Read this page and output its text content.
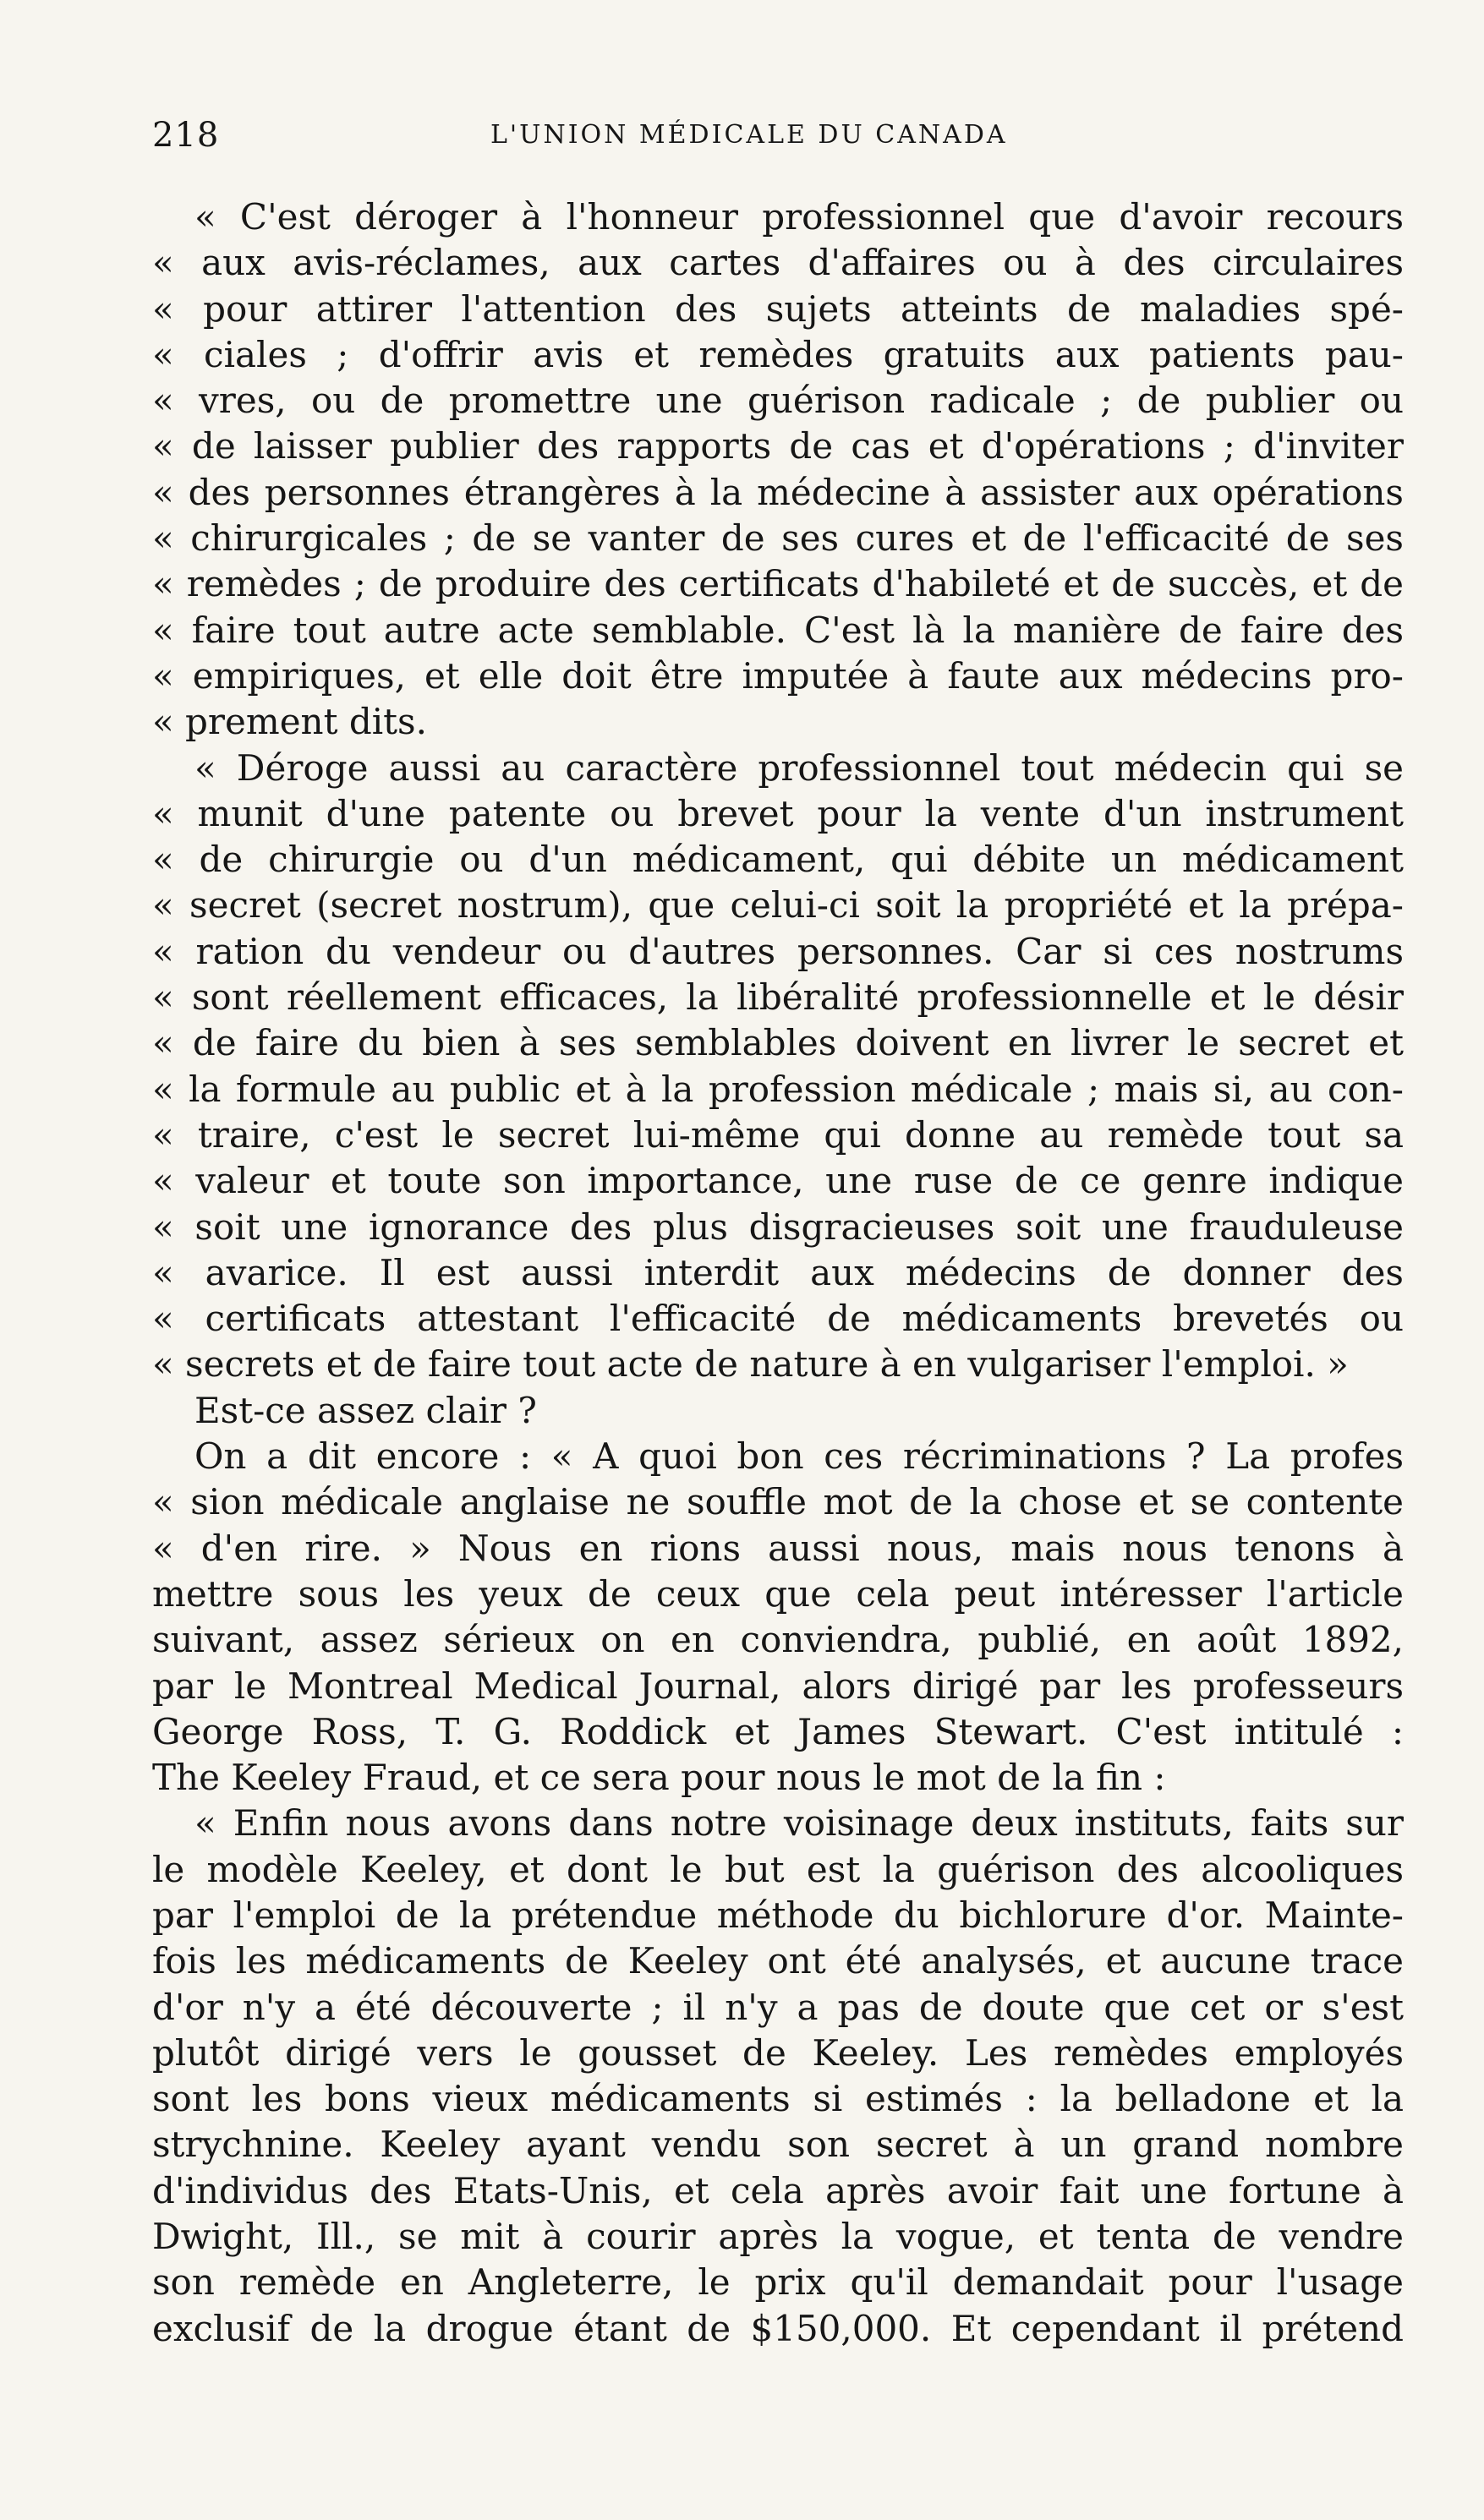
218	L'UNION MÉDICALE DU CANADA
« C'est déroger à l'honneur professionnel que d'avoir recours
« aux avis-réclames, aux cartes d'affaires ou à des circulaires
« pour attirer l'attention des sujets atteints de maladies spé-
« ciales ; d'offrir avis et remèdes gratuits aux patients pau-
« vres, ou de promettre une guérison radicale ; de publier ou
« de laisser publier des rapports de cas et d'opérations ; d'inviter
« des personnes étrangères à la médecine à assister aux opérations
« chirurgicales ; de se vanter de ses cures et de l'efficacité de ses
« remèdes ; de produire des certificats d'habileté et de succès, et de
« faire tout autre acte semblable. C'est là la manière de faire des
« empiriques, et elle doit être imputée à faute aux médecins pro-
« prement dits.
« Déroge aussi au caractère professionnel tout médecin qui se
« munit d'une patente ou brevet pour la vente d'un instrument
« de chirurgie ou d'un médicament, qui débite un médicament
« secret (secret nostrum), que celui-ci soit la propriété et la prépa-
« ration du vendeur ou d'autres personnes. Car si ces nostrums
« sont réellement efficaces, la libéralité professionnelle et le désir
« de faire du bien à ses semblables doivent en livrer le secret et
« la formule au public et à la profession médicale ; mais si, au con-
« traire, c'est le secret lui-même qui donne au remède tout sa
« valeur et toute son importance, une ruse de ce genre indique
« soit une ignorance des plus disgracieuses soit une frauduleuse
« avarice. Il est aussi interdit aux médecins de donner des
« certificats attestant l'efficacité de médicaments brevetés ou
« secrets et de faire tout acte de nature à en vulgariser l'emploi. »
Est-ce assez clair ?
On a dit encore : « A quoi bon ces récriminations ? La profes
« sion médicale anglaise ne souffle mot de la chose et se contente
« d'en rire. » Nous en rions aussi nous, mais nous tenons à
mettre sous les yeux de ceux que cela peut intéresser l'article
suivant, assez sérieux on en conviendra, publié, en août 1892,
par le Montreal Medical Journal, alors dirigé par les professeurs
George Ross, T. G. Roddick et James Stewart. C'est intitulé :
The Keeley Fraud, et ce sera pour nous le mot de la fin :
« Enfin nous avons dans notre voisinage deux instituts, faits sur
le modèle Keeley, et dont le but est la guérison des alcooliques
par l'emploi de la prétendue méthode du bichlorure d'or. Mainte-
fois les médicaments de Keeley ont été analysés, et aucune trace
d'or n'y a été découverte ; il n'y a pas de doute que cet or s'est
plutôt dirigé vers le gousset de Keeley. Les remèdes employés
sont les bons vieux médicaments si estimés : la belladone et la
strychnine. Keeley ayant vendu son secret à un grand nombre
d'individus des Etats-Unis, et cela après avoir fait une fortune à
Dwight, Ill., se mit à courir après la vogue, et tenta de vendre
son remède en Angleterre, le prix qu'il demandait pour l'usage
exclusif de la drogue étant de $150,000. Et cependant il prétend
